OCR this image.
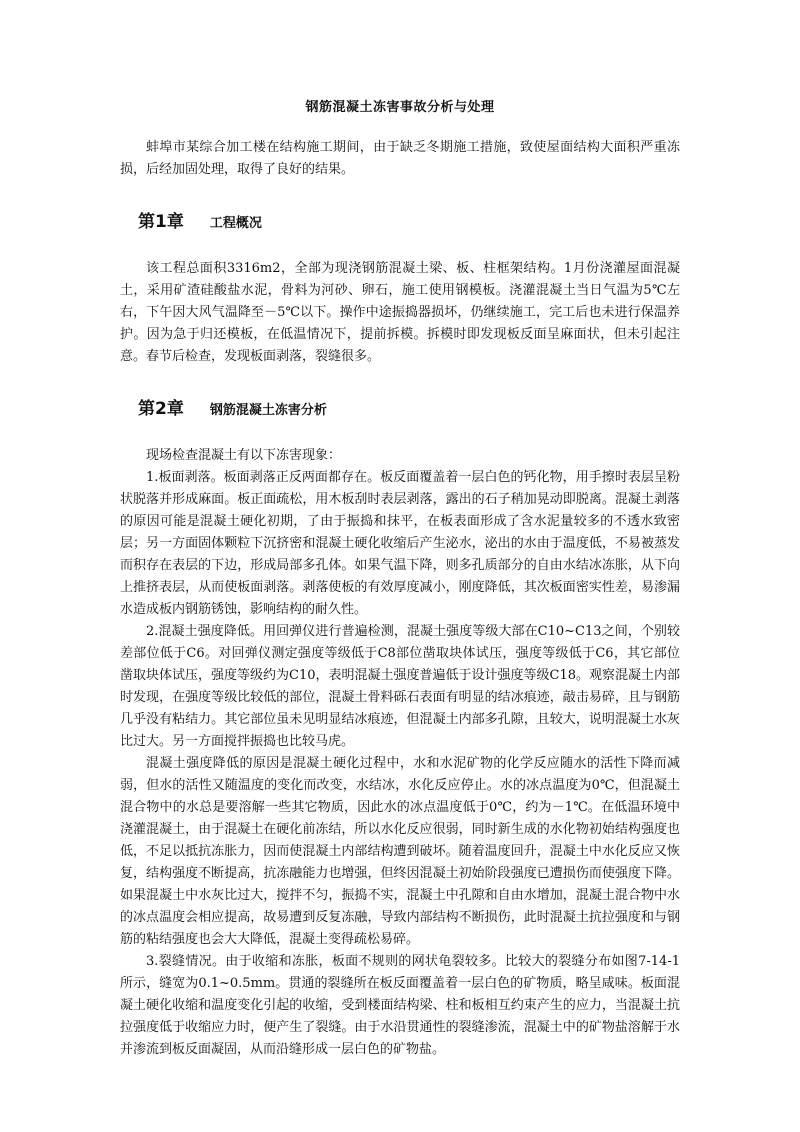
钢筋混凝土冻害事故分析与处理

蚌埠市某综合加工楼在结构施工期间，由于缺乏冬期施工措施，致使屋面结构大面积严重冻损，后经加固处理，取得了良好的结果。

第1章 工程概况

该工程总面积3316m2，全部为现浇钢筋混凝土梁、板、柱框架结构。1月份浇灌屋面混凝土，采用矿渣硅酸盐水泥，骨料为河砂、卵石，施工使用钢模板。浇灌混凝土当日气温为5℃左右，下午因大风气温降至－5℃以下。操作中途振捣器损坏，仍继续施工，完工后也未进行保温养护。因为急于归还模板，在低温情况下，提前拆模。拆模时即发现板反面呈麻面状，但未引起注意。春节后检查，发现板面剥落，裂缝很多。

第2章 钢筋混凝土冻害分析

现场检查混凝土有以下冻害现象：

1.板面剥落。板面剥落正反两面都存在。板反面覆盖着一层白色的钙化物，用手擦时表层呈粉状脱落并形成麻面。板正面疏松，用木板刮时表层剥落，露出的石子稍加晃动即脱离。混凝土剥落的原因可能是混凝土硬化初期，了由于振捣和抹平，在板表面形成了含水泥量较多的不透水致密层；另一方面固体颗粒下沉挤密和混凝土硬化收缩后产生泌水，泌出的水由于温度低，不易被蒸发而积存在表层的下边，形成局部多孔体。如果气温下降，则多孔质部分的自由水结冰冻胀，从下向上推挤表层，从而使板面剥落。剥落使板的有效厚度减小，刚度降低，其次板面密实性差，易渗漏水造成板内钢筋锈蚀，影响结构的耐久性。

2.混凝土强度降低。用回弹仪进行普遍检测，混凝土强度等级大部在C10~C13之间，个别较差部位低于C6。对回弹仪测定强度等级低于C8部位凿取块体试压，强度等级低于C6，其它部位凿取块体试压，强度等级约为C10，表明混凝土强度普遍低于设计强度等级C18。观察混凝土内部时发现，在强度等级比较低的部位，混凝土骨料砾石表面有明显的结冰痕迹，敲击易碎，且与钢筋几乎没有粘结力。其它部位虽未见明显结冰痕迹，但混凝土内部多孔隙，且较大，说明混凝土水灰比过大。另一方面搅拌振捣也比较马虎。

混凝土强度降低的原因是混凝土硬化过程中，水和水泥矿物的化学反应随水的活性下降而减弱，但水的活性又随温度的变化而改变，水结冰，水化反应停止。水的冰点温度为0℃，但混凝土混合物中的水总是要溶解一些其它物质，因此水的冰点温度低于0℃，约为－1℃。在低温环境中浇灌混凝土，由于混凝土在硬化前冻结，所以水化反应很弱，同时新生成的水化物初始结构强度也低，不足以抵抗冻胀力，因而使混凝土内部结构遭到破坏。随着温度回升，混凝土中水化反应又恢复，结构强度不断提高，抗冻融能力也增强，但终因混凝土初始阶段强度已遭损伤而使强度下降。如果混凝土中水灰比过大，搅拌不匀，振捣不实，混凝土中孔隙和自由水增加，混凝土混合物中水的冰点温度会相应提高，故易遭到反复冻融，导致内部结构不断损伤，此时混凝土抗拉强度和与钢筋的粘结强度也会大大降低，混凝土变得疏松易碎。

3.裂缝情况。由于收缩和冻胀，板面不规则的网状龟裂较多。比较大的裂缝分布如图7-14-1所示，缝宽为0.1~0.5mm。贯通的裂缝所在板反面覆盖着一层白色的矿物质，略呈咸味。板面混凝土硬化收缩和温度变化引起的收缩，受到楼面结构梁、柱和板相互约束产生的应力，当混凝土抗拉强度低于收缩应力时，便产生了裂缝。由于水沿贯通性的裂缝渗流，混凝土中的矿物盐溶解于水并渗流到板反面凝固，从而沿缝形成一层白色的矿物盐。
